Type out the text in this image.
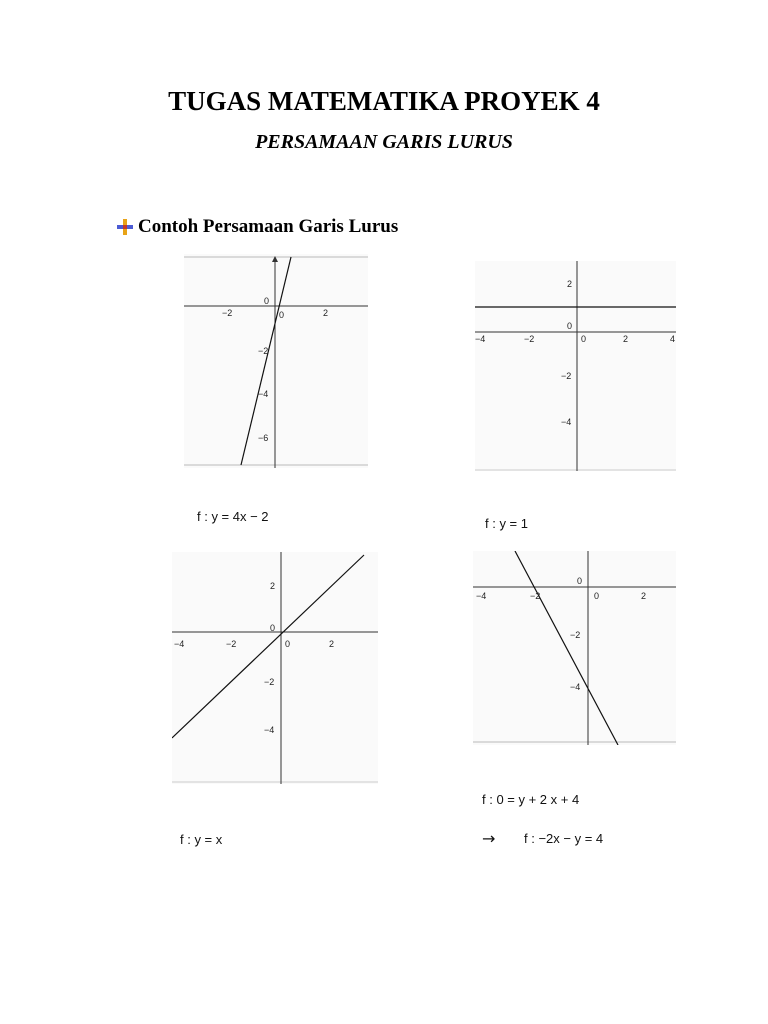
TUGAS MATEMATIKA PROYEK 4
PERSAMAAN GARIS LURUS
Contoh Persamaan Garis Lurus
−2	0	2
0
−2
−4
−6
f : y = 4x − 2
−4	−2	0	2	4
2
0
−2
−4
f : y = 1
−4	−2	0	2
2
0
−2
−4
f : y = x
−4	−2	0	2
0
−2
−4
f : 0 = y + 2 x + 4
→ f : −2x − y = 4
